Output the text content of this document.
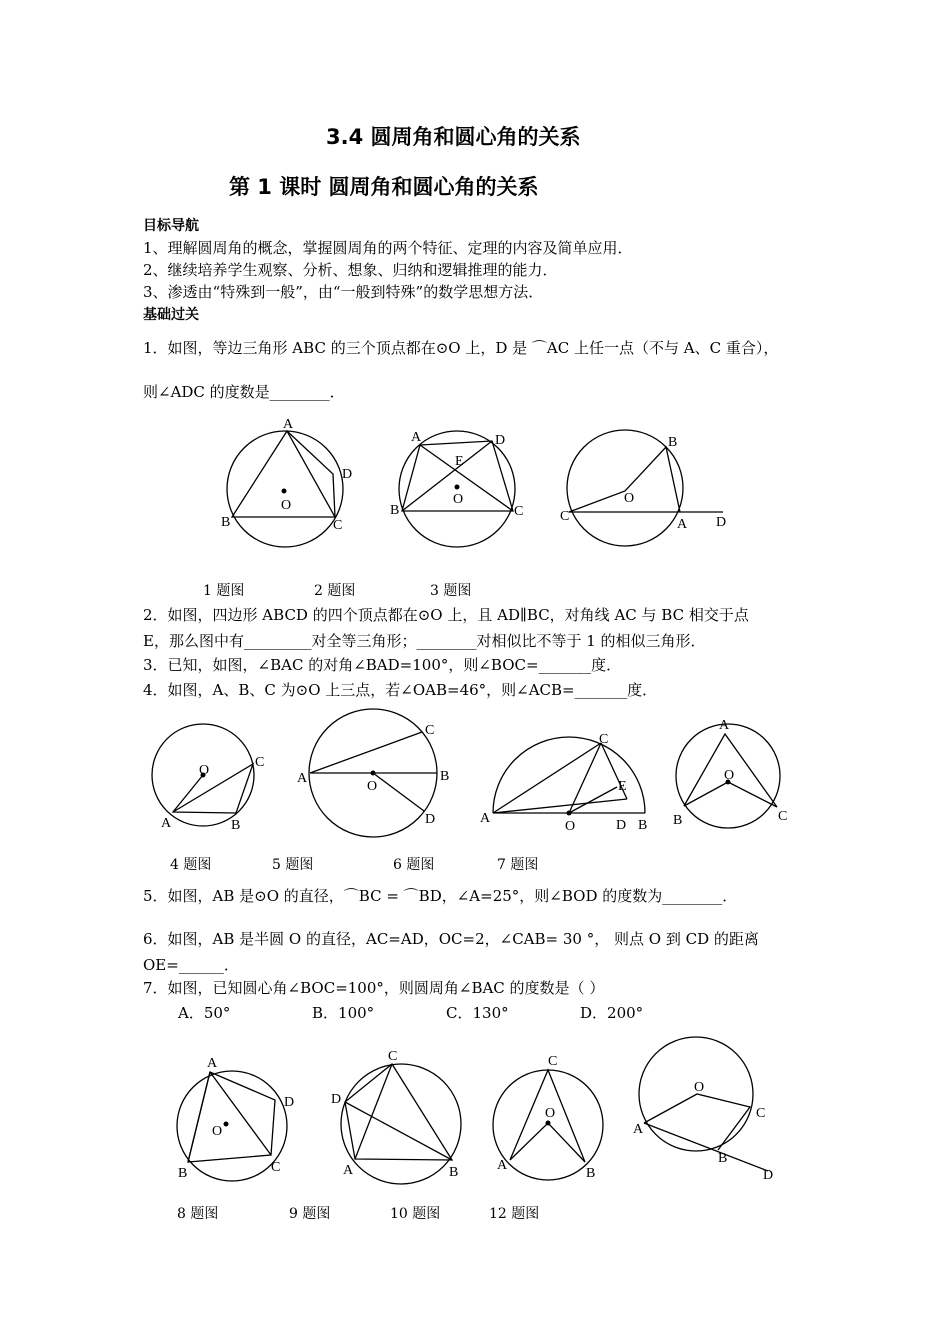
3.4 圆周角和圆心角的关系
第 1 课时 圆周角和圆心角的关系
目标导航
1、理解圆周角的概念，掌握圆周角的两个特征、定理的内容及简单应用．
2、继续培养学生观察、分析、想象、归纳和逻辑推理的能力．
3、渗透由“特殊到一般”，由“一般到特殊”的数学思想方法．
基础过关
1．如图，等边三角形 ABC 的三个顶点都在⊙O 上，D 是 ⌒AC 上任一点（不与 A、C 重合），
则∠ADC 的度数是________．
A
B	C
D
O
A	D
E
O
B	C
B
O
C
A D
1 题图	2 题图	3 题图
2．如图，四边形 ABCD 的四个顶点都在⊙O 上，且 AD∥BC，对角线 AC 与 BC 相交于点
E，那么图中有_________对全等三角形；________对相似比不等于 1 的相似三角形．
3．已知，如图，∠BAC 的对角∠BAD=100°，则∠BOC=_______度．
4．如图，A、B、C 为⊙O 上三点，若∠OAB=46°，则∠ACB=_______度．
O
C
A	B
C
A	B
O
D
C
E
A
O	D B
A
O
B	C
4 题图	5 题图	6 题图	7 题图
5．如图，AB 是⊙O 的直径，⌒BC = ⌒BD，∠A=25°，则∠BOD 的度数为________．
6．如图，AB 是半圆 O 的直径，AC=AD，OC=2，∠CAB= 30 °， 则点 O 到 CD 的距离
OE=______．
7．如图，已知圆心角∠BOC=100°，则圆周角∠BAC 的度数是（ ）
A．50°	B．100°	C．130°	D．200°
A
D
O
B	C
C
D
A	B
C
O
A
B
O
C
A
B
D
8 题图	9 题图	10 题图	12 题图
